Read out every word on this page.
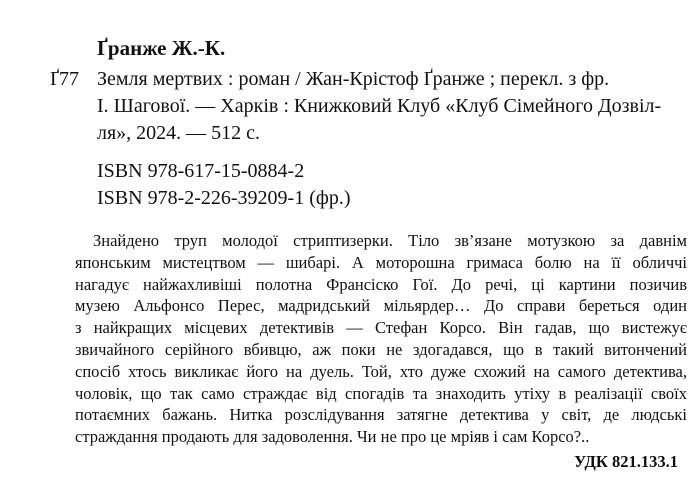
Ґранже Ж.-К.
Ґ77 Земля мертвих : роман / Жан-Крістоф Ґранже ; перекл. з фр.
І. Шагової. — Харків : Книжковий Клуб «Клуб Сімейного Дозвіл-
ля», 2024. — 512 с.
ISBN 978-617-15-0884-2
ISBN 978-2-226-39209-1 (фр.)
Знайдено труп молодої стриптизерки. Тіло зв’язане мотузкою за давнім
японським мистецтвом — шибарі. А моторошна гримаса болю на її обличчі
нагадує найжахливіші полотна Франсіско Гої. До речі, ці картини позичив
музею Альфонсо Перес, мадридський мільярдер… До справи береться один
з найкращих місцевих детективів — Стефан Корсо. Він гадав, що вистежує
звичайного серійного вбивцю, аж поки не здогадався, що в такий витончений
спосіб хтось викликає його на дуель. Той, хто дуже схожий на самого детектива,
чоловік, що так само страждає від спогадів та знаходить утіху в реалізації своїх
потаємних бажань. Нитка розслідування затягне детектива у світ, де людські
страждання продають для задоволення. Чи не про це мріяв і сам Корсо?..
УДК 821.133.1
